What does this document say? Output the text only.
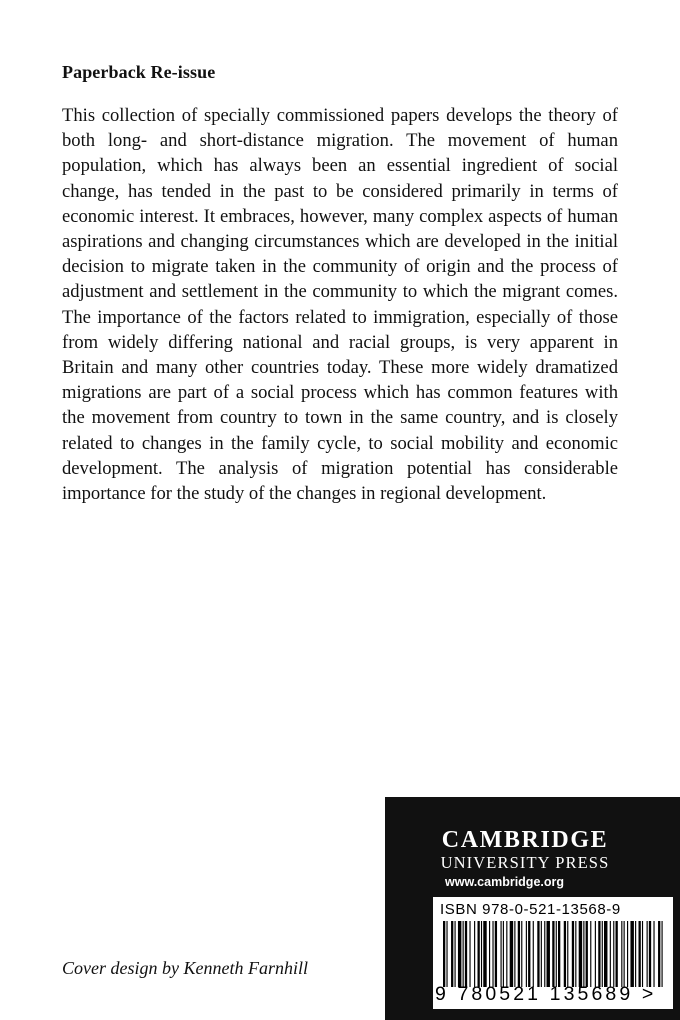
Paperback Re-issue

This collection of specially commissioned papers develops the theory of both long- and short-distance migration. The movement of human population, which has always been an essential ingredient of social change, has tended in the past to be considered primarily in terms of economic interest. It embraces, however, many complex aspects of human aspirations and changing circumstances which are developed in the initial decision to migrate taken in the community of origin and the process of adjustment and settlement in the community to which the migrant comes. The importance of the factors related to immigration, especially of those from widely differing national and racial groups, is very apparent in Britain and many other countries today. These more widely dramatized migrations are part of a social process which has common features with the movement from country to town in the same country, and is closely related to changes in the family cycle, to social mobility and economic development. The analysis of migration potential has considerable importance for the study of the changes in regional development.

Cover design by Kenneth Farnhill
CAMBRIDGE
UNIVERSITY PRESS
www.cambridge.org
ISBN 978-0-521-13568-9
9 780521 135689 >
